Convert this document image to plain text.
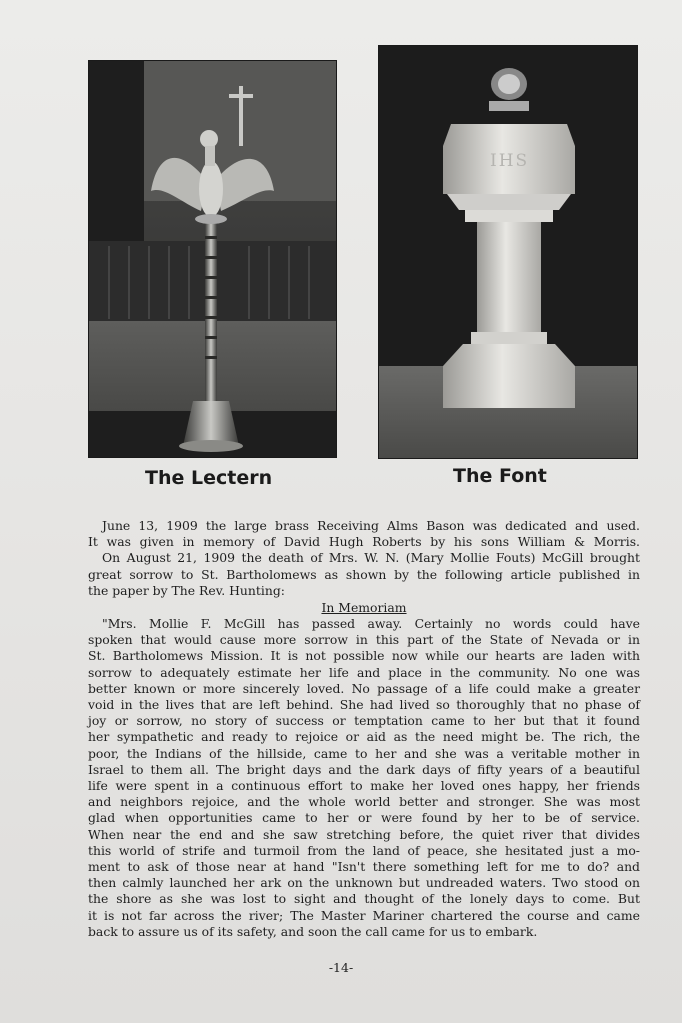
IHS
The Lectern	The Font
June 13, 1909 the large brass Receiving Alms Bason was dedicated and used.
It was given in memory of David Hugh Roberts by his sons William & Morris.
On August 21, 1909 the death of Mrs. W. N. (Mary Mollie Fouts) McGill brought
great sorrow to St. Bartholomews as shown by the following article published in
the paper by The Rev. Hunting:
In Memoriam
"Mrs. Mollie F. McGill has passed away. Certainly no words could have
spoken that would cause more sorrow in this part of the State of Nevada or in
St. Bartholomews Mission. It is not possible now while our hearts are laden with
sorrow to adequately estimate her life and place in the community. No one was
better known or more sincerely loved. No passage of a life could make a greater
void in the lives that are left behind. She had lived so thoroughly that no phase of
joy or sorrow, no story of success or temptation came to her but that it found
her sympathetic and ready to rejoice or aid as the need might be. The rich, the
poor, the Indians of the hillside, came to her and she was a veritable mother in
Israel to them all. The bright days and the dark days of fifty years of a beautiful
life were spent in a continuous effort to make her loved ones happy, her friends
and neighbors rejoice, and the whole world better and stronger. She was most
glad when opportunities came to her or were found by her to be of service.
When near the end and she saw stretching before, the quiet river that divides
this world of strife and turmoil from the land of peace, she hesitated just a mo-
ment to ask of those near at hand "Isn't there something left for me to do? and
then calmly launched her ark on the unknown but undreaded waters. Two stood on
the shore as she was lost to sight and thought of the lonely days to come. But
it is not far across the river; The Master Mariner chartered the course and came
back to assure us of its safety, and soon the call came for us to embark.
-14-
